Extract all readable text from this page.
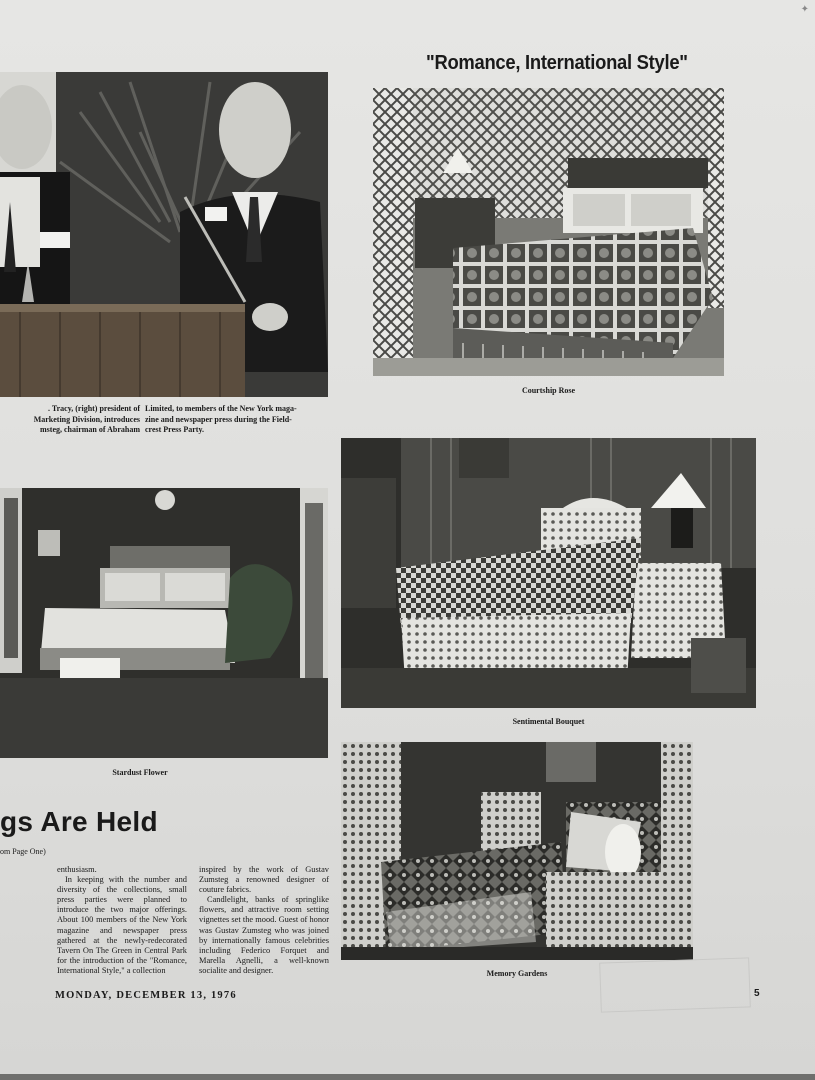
✦
. Tracy, (right) president of
Marketing Division, introduces
msteg, chairman of Abraham
Limited, to members of the New York maga-
zine and newspaper press during the Field-
crest Press Party.
"Romance, International Style"
Courtship Rose
Stardust Flower
Sentimental Bouquet
Memory Gardens
gs Are Held
om Page One)

enthusiasm.

In keeping with the number and diversity of the collections, small press parties were planned to introduce the two major offerings. About 100 members of the New York magazine and newspaper press gathered at the newly-redecorated Tavern On The Green in Central Park for the introduction of the "Romance, International Style," a collection

inspired by the work of Gustav Zumsteg a renowned designer of couture fabrics.

Candlelight, banks of springlike flowers, and attractive room setting vignettes set the mood. Guest of honor was Gustav Zumsteg who was joined by internationally famous celebrities including Federico Forquet and Marella Agnelli, a well-known socialite and designer.

MONDAY, DECEMBER 13, 1976	5
